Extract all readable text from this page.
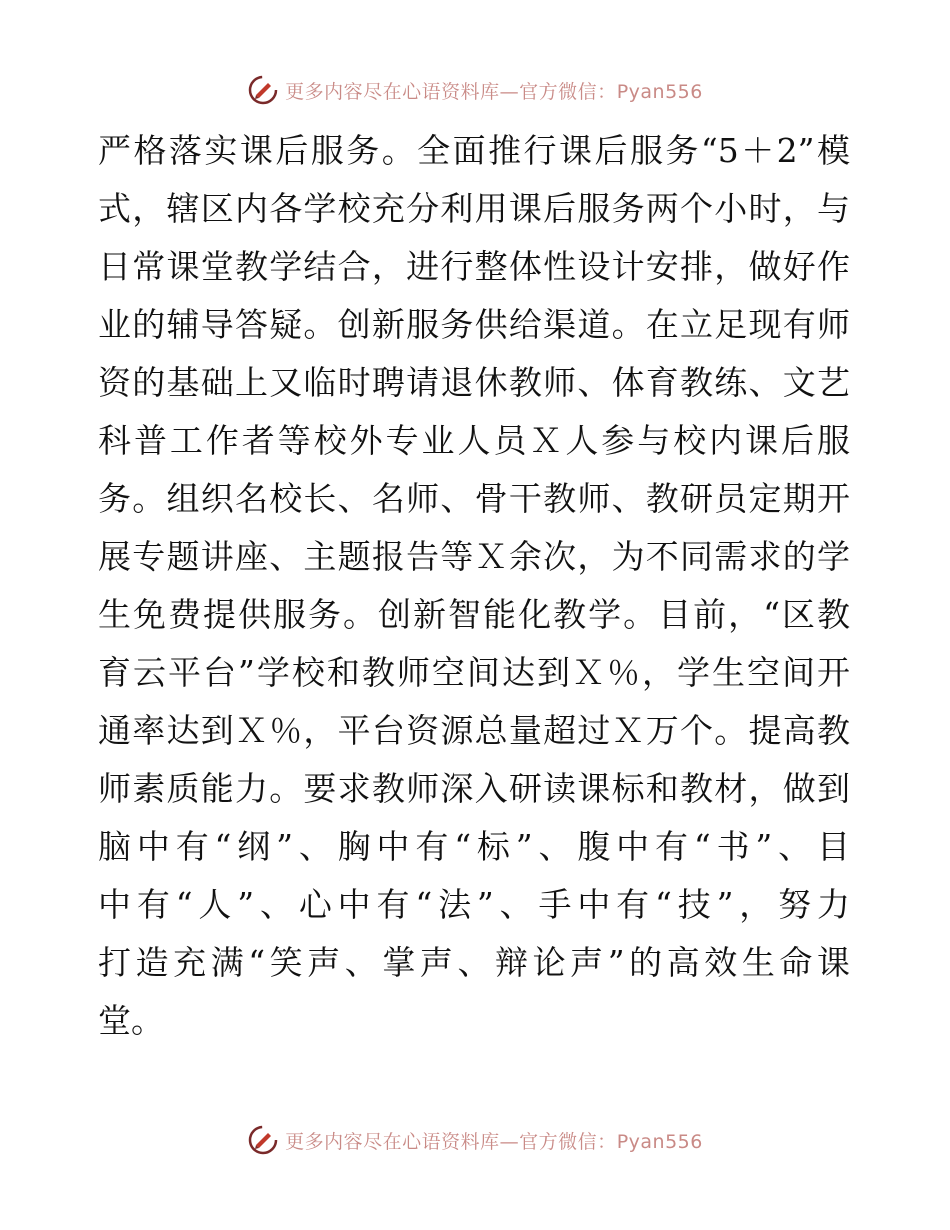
更多内容尽在心语资料库—官方微信：Pyan556
严格落实课后服务。全面推行课后服务“5＋2”模
式，辖区内各学校充分利用课后服务两个小时，与
日常课堂教学结合，进行整体性设计安排，做好作
业的辅导答疑。创新服务供给渠道。在立足现有师
资的基础上又临时聘请退休教师、体育教练、文艺
科普工作者等校外专业人员Ｘ人参与校内课后服
务。组织名校长、名师、骨干教师、教研员定期开
展专题讲座、主题报告等Ｘ余次，为不同需求的学
生免费提供服务。创新智能化教学。目前，“区教
育云平台”学校和教师空间达到Ｘ％，学生空间开
通率达到Ｘ％，平台资源总量超过Ｘ万个。提高教
师素质能力。要求教师深入研读课标和教材，做到
脑中有“纲”、胸中有“标”、腹中有“书”、目
中有“人”、心中有“法”、手中有“技”，努力
打造充满“笑声、掌声、辩论声”的高效生命课
堂。
更多内容尽在心语资料库—官方微信：Pyan556
